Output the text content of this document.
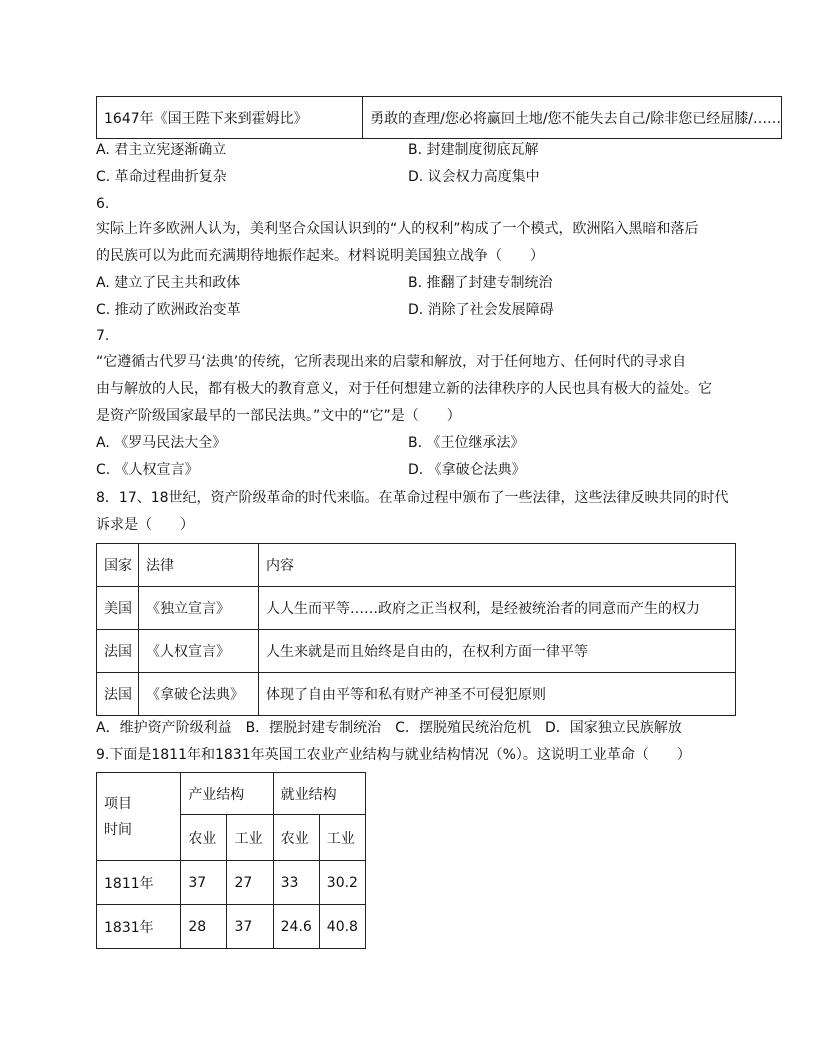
1647年《国王陛下来到霍姆比》	勇敢的查理/您必将赢回土地/您不能失去自己/除非您已经屈膝/……
A. 君主立宪逐渐确立	B. 封建制度彻底瓦解
C. 革命过程曲折复杂	D. 议会权力高度集中
6.
实际上许多欧洲人认为，美利坚合众国认识到的“人的权利”构成了一个模式，欧洲陷入黑暗和落后
的民族可以为此而充满期待地振作起来。材料说明美国独立战争（　　）
A. 建立了民主共和政体	B. 推翻了封建专制统治
C. 推动了欧洲政治变革	D. 消除了社会发展障碍
7.
“它遵循古代罗马‘法典’的传统，它所表现出来的启蒙和解放，对于任何地方、任何时代的寻求自
由与解放的人民，都有极大的教育意义，对于任何想建立新的法律秩序的人民也具有极大的益处。它
是资产阶级国家最早的一部民法典。”文中的“它”是（　　）
A. 《罗马民法大全》	B. 《王位继承法》
C. 《人权宣言》	D. 《拿破仑法典》
8．17、18世纪，资产阶级革命的时代来临。在革命过程中颁布了一些法律，这些法律反映共同的时代
诉求是（　　）
国家	法律	内容
美国	《独立宣言》	人人生而平等……政府之正当权利，是经被统治者的同意而产生的权力
法国	《人权宣言》	人生来就是而且始终是自由的，在权利方面一律平等
法国	《拿破仑法典》	体现了自由平等和私有财产神圣不可侵犯原则
A．维护资产阶级利益　B．摆脱封建专制统治　C．摆脱殖民统治危机　D．国家独立民族解放
9.下面是1811年和1831年英国工农业产业结构与就业结构情况（%）。这说明工业革命（　　）
项目
时间	产业结构		就业结构	
	农业	工业	农业	工业
1811年	37	27	33	30.2
1831年	28	37	24.6	40.8
